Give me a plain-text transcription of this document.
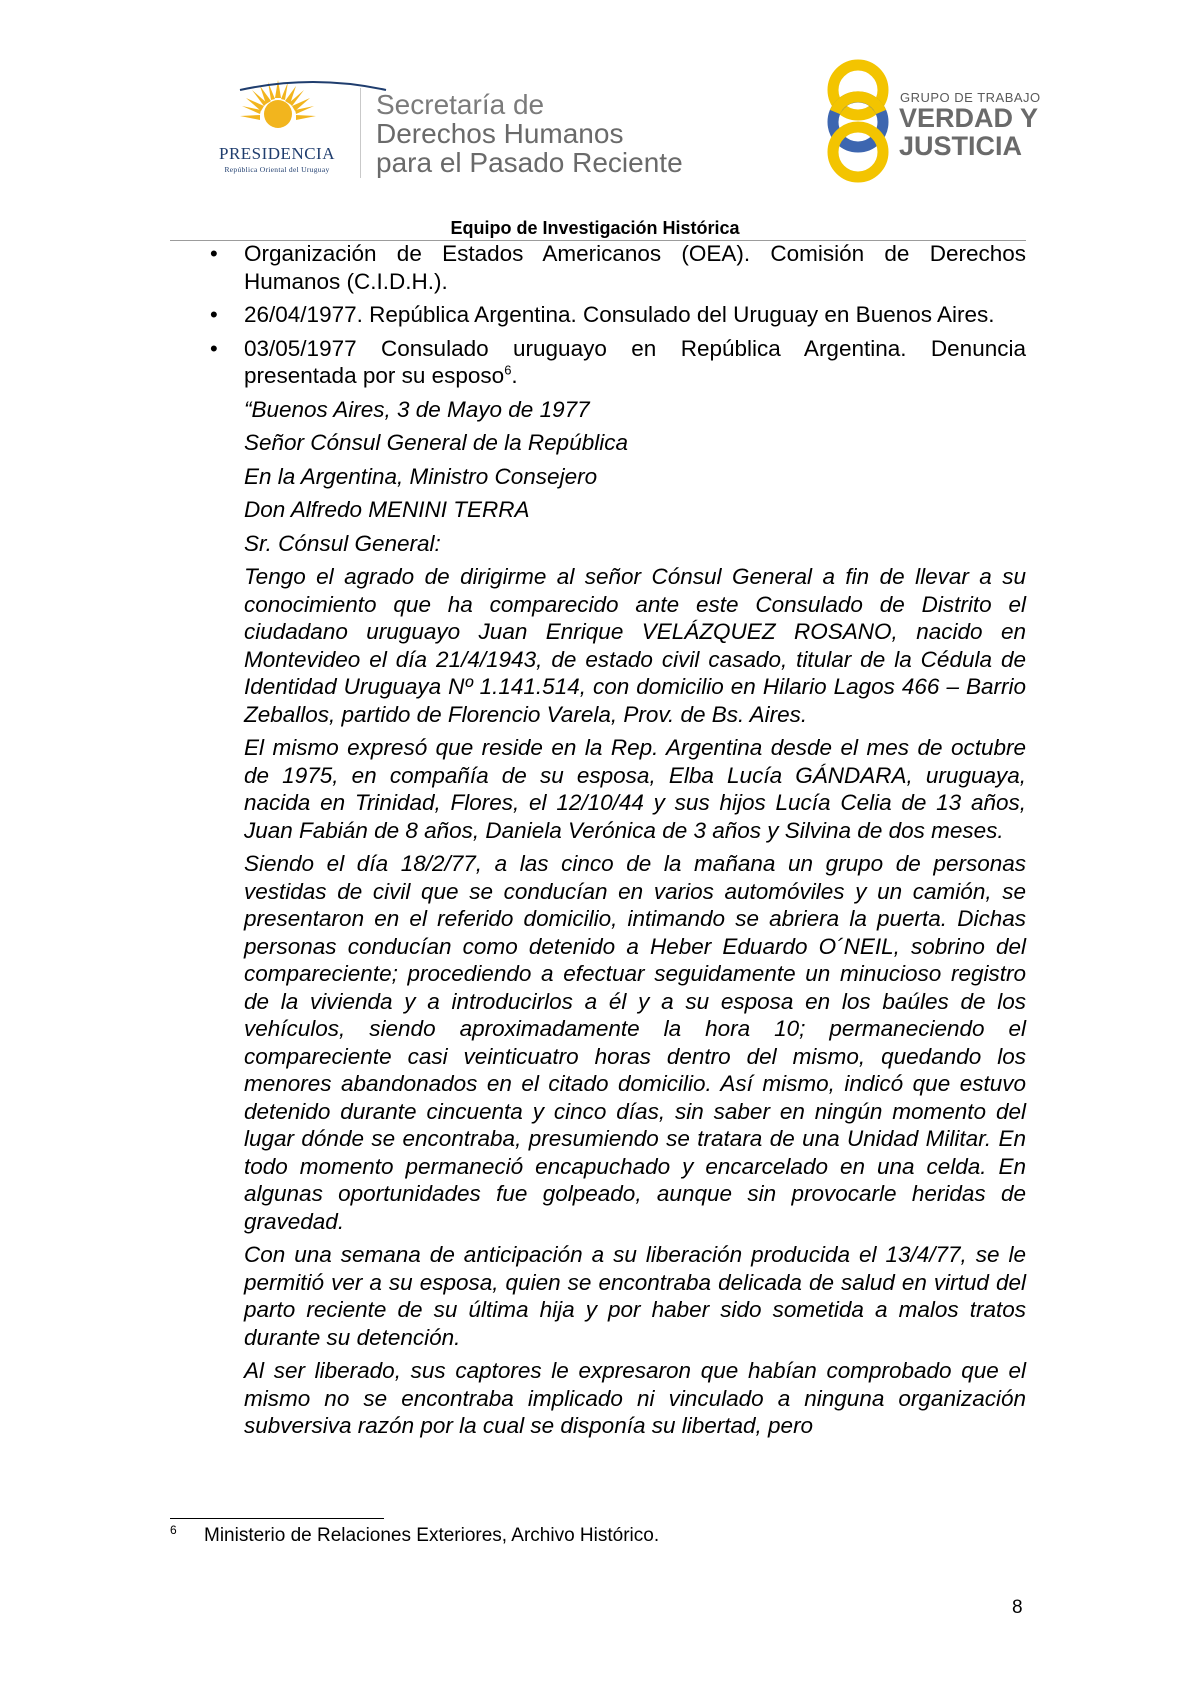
PRESIDENCIA
República Oriental del Uruguay
Secretaría de
Derechos Humanos
para el Pasado Reciente
GRUPO DE TRABAJO
VERDAD Y
JUSTICIA
Equipo de Investigación Histórica
• Organización de Estados Americanos (OEA). Comisión de Derechos Humanos (C.I.D.H.).
• 26/04/1977. República Argentina. Consulado del Uruguay en Buenos Aires.
• 03/05/1977 Consulado uruguayo en República Argentina. Denuncia presentada por su esposo$^6$.
“Buenos Aires, 3 de Mayo de 1977
Señor Cónsul General de la República
En la Argentina, Ministro Consejero
Don Alfredo MENINI TERRA
Sr. Cónsul General:
Tengo el agrado de dirigirme al señor Cónsul General a fin de llevar a su conocimiento que ha comparecido ante este Consulado de Distrito el ciudadano uruguayo Juan Enrique VELÁZQUEZ ROSANO, nacido en Montevideo el día 21/4/1943, de estado civil casado, titular de la Cédula de Identidad Uruguaya Nº 1.141.514, con domicilio en Hilario Lagos 466 – Barrio Zeballos, partido de Florencio Varela, Prov. de Bs. Aires.
El mismo expresó que reside en la Rep. Argentina desde el mes de octubre de 1975, en compañía de su esposa, Elba Lucía GÁNDARA, uruguaya, nacida en Trinidad, Flores, el 12/10/44 y sus hijos Lucía Celia de 13 años, Juan Fabián de 8 años, Daniela Verónica de 3 años y Silvina de dos meses.
Siendo el día 18/2/77, a las cinco de la mañana un grupo de personas vestidas de civil que se conducían en varios automóviles y un camión, se presentaron en el referido domicilio, intimando se abriera la puerta. Dichas personas conducían como detenido a Heber Eduardo O´NEIL, sobrino del compareciente; procediendo a efectuar seguidamente un minucioso registro de la vivienda y a introducirlos a él y a su esposa en los baúles de los vehículos, siendo aproximadamente la hora 10; permaneciendo el compareciente casi veinticuatro horas dentro del mismo, quedando los menores abandonados en el citado domicilio. Así mismo, indicó que estuvo detenido durante cincuenta y cinco días, sin saber en ningún momento del lugar dónde se encontraba, presumiendo se tratara de una Unidad Militar. En todo momento permaneció encapuchado y encarcelado en una celda. En algunas oportunidades fue golpeado, aunque sin provocarle heridas de gravedad.
Con una semana de anticipación a su liberación producida el 13/4/77, se le permitió ver a su esposa, quien se encontraba delicada de salud en virtud del parto reciente de su última hija y por haber sido sometida a malos tratos durante su detención.
Al ser liberado, sus captores le expresaron que habían comprobado que el mismo no se encontraba implicado ni vinculado a ninguna organización subversiva razón por la cual se disponía su libertad, pero
6 Ministerio de Relaciones Exteriores, Archivo Histórico.
8
